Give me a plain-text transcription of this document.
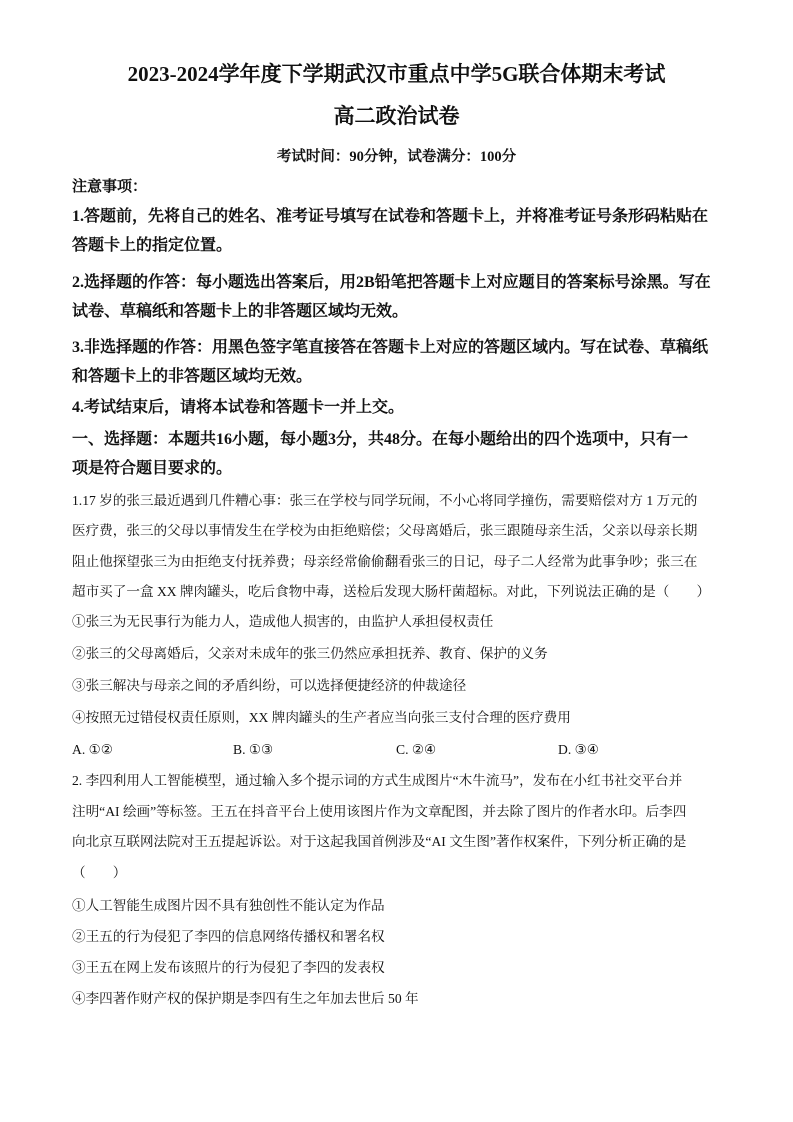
2023-2024学年度下学期武汉市重点中学5G联合体期末考试
高二政治试卷
考试时间：90分钟，试卷满分：100分
注意事项：
1.答题前，先将自己的姓名、准考证号填写在试卷和答题卡上，并将准考证号条形码粘贴在
答题卡上的指定位置。
2.选择题的作答：每小题选出答案后，用2B铅笔把答题卡上对应题目的答案标号涂黑。写在
试卷、草稿纸和答题卡上的非答题区域均无效。
3.非选择题的作答：用黑色签字笔直接答在答题卡上对应的答题区域内。写在试卷、草稿纸
和答题卡上的非答题区域均无效。
4.考试结束后，请将本试卷和答题卡一并上交。
一、选择题：本题共16小题，每小题3分，共48分。在每小题给出的四个选项中，只有一
项是符合题目要求的。
1.17 岁的张三最近遇到几件糟心事：张三在学校与同学玩闹，不小心将同学撞伤，需要赔偿对方 1 万元的
医疗费，张三的父母以事情发生在学校为由拒绝赔偿；父母离婚后，张三跟随母亲生活，父亲以母亲长期
阻止他探望张三为由拒绝支付抚养费；母亲经常偷偷翻看张三的日记，母子二人经常为此事争吵；张三在
超市买了一盒 XX 牌肉罐头，吃后食物中毒，送检后发现大肠杆菌超标。对此，下列说法正确的是（　　）
①张三为无民事行为能力人，造成他人损害的，由监护人承担侵权责任
②张三的父母离婚后，父亲对未成年的张三仍然应承担抚养、教育、保护的义务
③张三解决与母亲之间的矛盾纠纷，可以选择便捷经济的仲裁途径
④按照无过错侵权责任原则，XX 牌肉罐头的生产者应当向张三支付合理的医疗费用
A. ①②	B. ①③	C. ②④	D. ③④
2. 李四利用人工智能模型，通过输入多个提示词的方式生成图片“木牛流马”，发布在小红书社交平台并
注明“AI 绘画”等标签。王五在抖音平台上使用该图片作为文章配图，并去除了图片的作者水印。后李四
向北京互联网法院对王五提起诉讼。对于这起我国首例涉及“AI 文生图”著作权案件，下列分析正确的是
（　　）
①人工智能生成图片因不具有独创性不能认定为作品
②王五的行为侵犯了李四的信息网络传播权和署名权
③王五在网上发布该照片的行为侵犯了李四的发表权
④李四著作财产权的保护期是李四有生之年加去世后 50 年
